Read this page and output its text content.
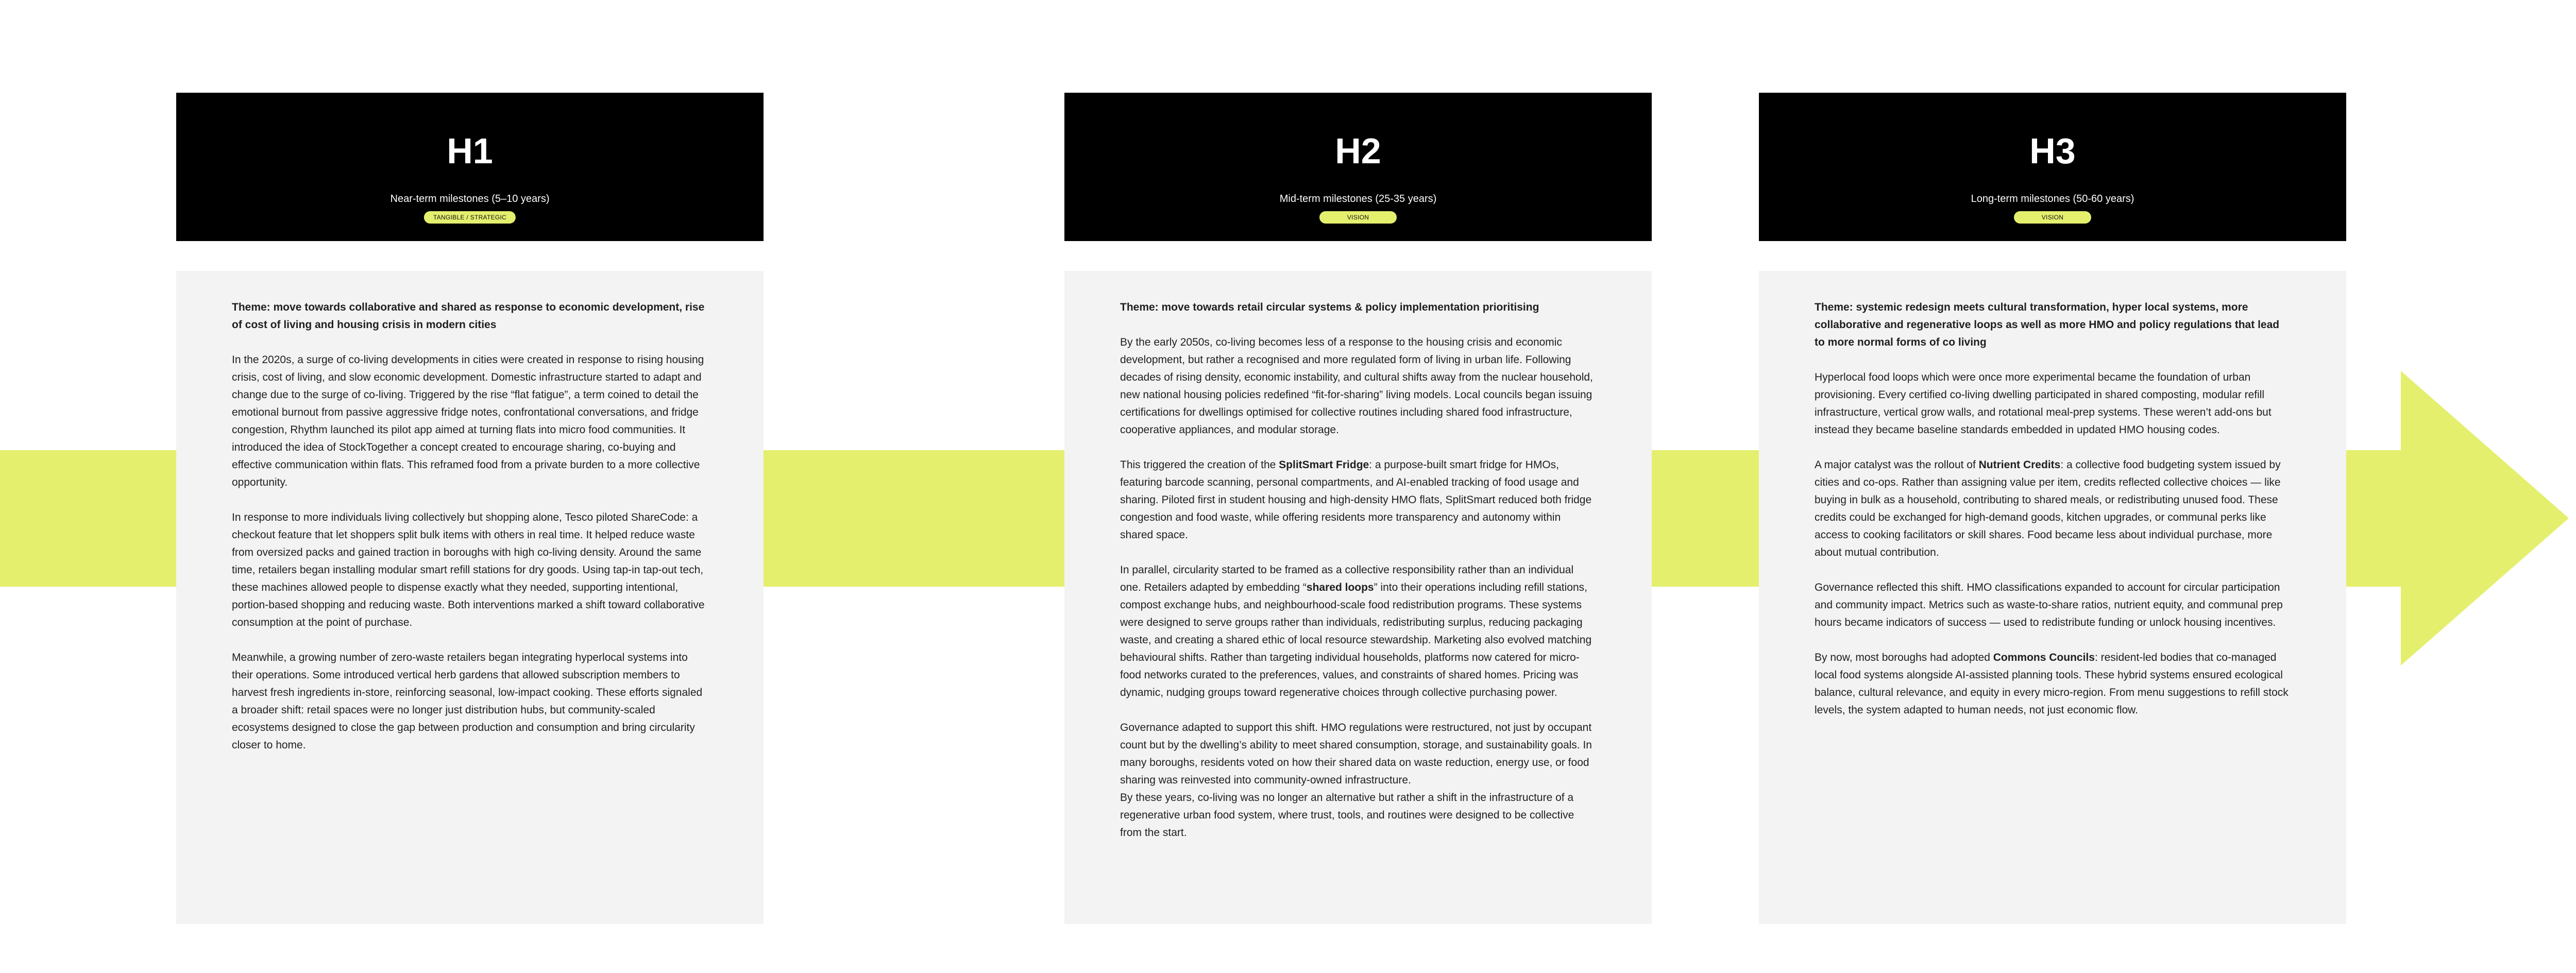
H1
Near-term milestones (5–10 years)
TANGIBLE / STRATEGIC

Theme: move towards collaborative and shared as response to economic development, rise of cost of living and housing crisis in modern cities

In the 2020s, a surge of co-living developments in cities were created in response to rising housing crisis, cost of living, and slow economic development. Domestic infrastructure started to adapt and change due to the surge of co-living. Triggered by the rise “flat fatigue”, a term coined to detail the emotional burnout from passive aggressive fridge notes, confrontational conversations, and fridge congestion, Rhythm launched its pilot app aimed at turning flats into micro food communities. It introduced the idea of StockTogether a concept created to encourage sharing, co-buying and effective communication within flats. This reframed food from a private burden to a more collective opportunity.

In response to more individuals living collectively but shopping alone, Tesco piloted ShareCode: a checkout feature that let shoppers split bulk items with others in real time. It helped reduce waste from oversized packs and gained traction in boroughs with high co-living density. Around the same time, retailers began installing modular smart refill stations for dry goods. Using tap-in tap-out tech, these machines allowed people to dispense exactly what they needed, supporting intentional, portion-based shopping and reducing waste. Both interventions marked a shift toward collaborative consumption at the point of purchase.

Meanwhile, a growing number of zero-waste retailers began integrating hyperlocal systems into their operations. Some introduced vertical herb gardens that allowed subscription members to harvest fresh ingredients in-store, reinforcing seasonal, low-impact cooking. These efforts signaled a broader shift: retail spaces were no longer just distribution hubs, but community-scaled ecosystems designed to close the gap between production and consumption and bring circularity closer to home.

H2
Mid-term milestones (25-35 years)
VISION

Theme: move towards retail circular systems & policy implementation prioritising

By the early 2050s, co-living becomes less of a response to the housing crisis and economic development, but rather a recognised and more regulated form of living in urban life. Following decades of rising density, economic instability, and cultural shifts away from the nuclear household, new national housing policies redefined “fit-for-sharing” living models. Local councils began issuing certifications for dwellings optimised for collective routines including shared food infrastructure, cooperative appliances, and modular storage.

This triggered the creation of the SplitSmart Fridge: a purpose-built smart fridge for HMOs, featuring barcode scanning, personal compartments, and AI-enabled tracking of food usage and sharing. Piloted first in student housing and high-density HMO flats, SplitSmart reduced both fridge congestion and food waste, while offering residents more transparency and autonomy within shared space.

In parallel, circularity started to be framed as a collective responsibility rather than an individual one. Retailers adapted by embedding “shared loops” into their operations including refill stations, compost exchange hubs, and neighbourhood-scale food redistribution programs. These systems were designed to serve groups rather than individuals, redistributing surplus, reducing packaging waste, and creating a shared ethic of local resource stewardship. Marketing also evolved matching behavioural shifts. Rather than targeting individual households, platforms now catered for micro-food networks curated to the preferences, values, and constraints of shared homes. Pricing was dynamic, nudging groups toward regenerative choices through collective purchasing power.

Governance adapted to support this shift. HMO regulations were restructured, not just by occupant count but by the dwelling’s ability to meet shared consumption, storage, and sustainability goals. In many boroughs, residents voted on how their shared data on waste reduction, energy use, or food sharing was reinvested into community-owned infrastructure.

By these years, co-living was no longer an alternative but rather a shift in the infrastructure of a regenerative urban food system, where trust, tools, and routines were designed to be collective from the start.

H3
Long-term milestones (50-60 years)
VISION

Theme: systemic redesign meets cultural transformation, hyper local systems, more collaborative and regenerative loops as well as more HMO and policy regulations that lead to more normal forms of co living

Hyperlocal food loops which were once more experimental became the foundation of urban provisioning. Every certified co-living dwelling participated in shared composting, modular refill infrastructure, vertical grow walls, and rotational meal-prep systems. These weren’t add-ons but instead they became baseline standards embedded in updated HMO housing codes.

A major catalyst was the rollout of Nutrient Credits: a collective food budgeting system issued by cities and co-ops. Rather than assigning value per item, credits reflected collective choices — like buying in bulk as a household, contributing to shared meals, or redistributing unused food. These credits could be exchanged for high-demand goods, kitchen upgrades, or communal perks like access to cooking facilitators or skill shares. Food became less about individual purchase, more about mutual contribution.

Governance reflected this shift. HMO classifications expanded to account for circular participation and community impact. Metrics such as waste-to-share ratios, nutrient equity, and communal prep hours became indicators of success — used to redistribute funding or unlock housing incentives.

By now, most boroughs had adopted Commons Councils: resident-led bodies that co-managed local food systems alongside AI-assisted planning tools. These hybrid systems ensured ecological balance, cultural relevance, and equity in every micro-region. From menu suggestions to refill stock levels, the system adapted to human needs, not just economic flow.
